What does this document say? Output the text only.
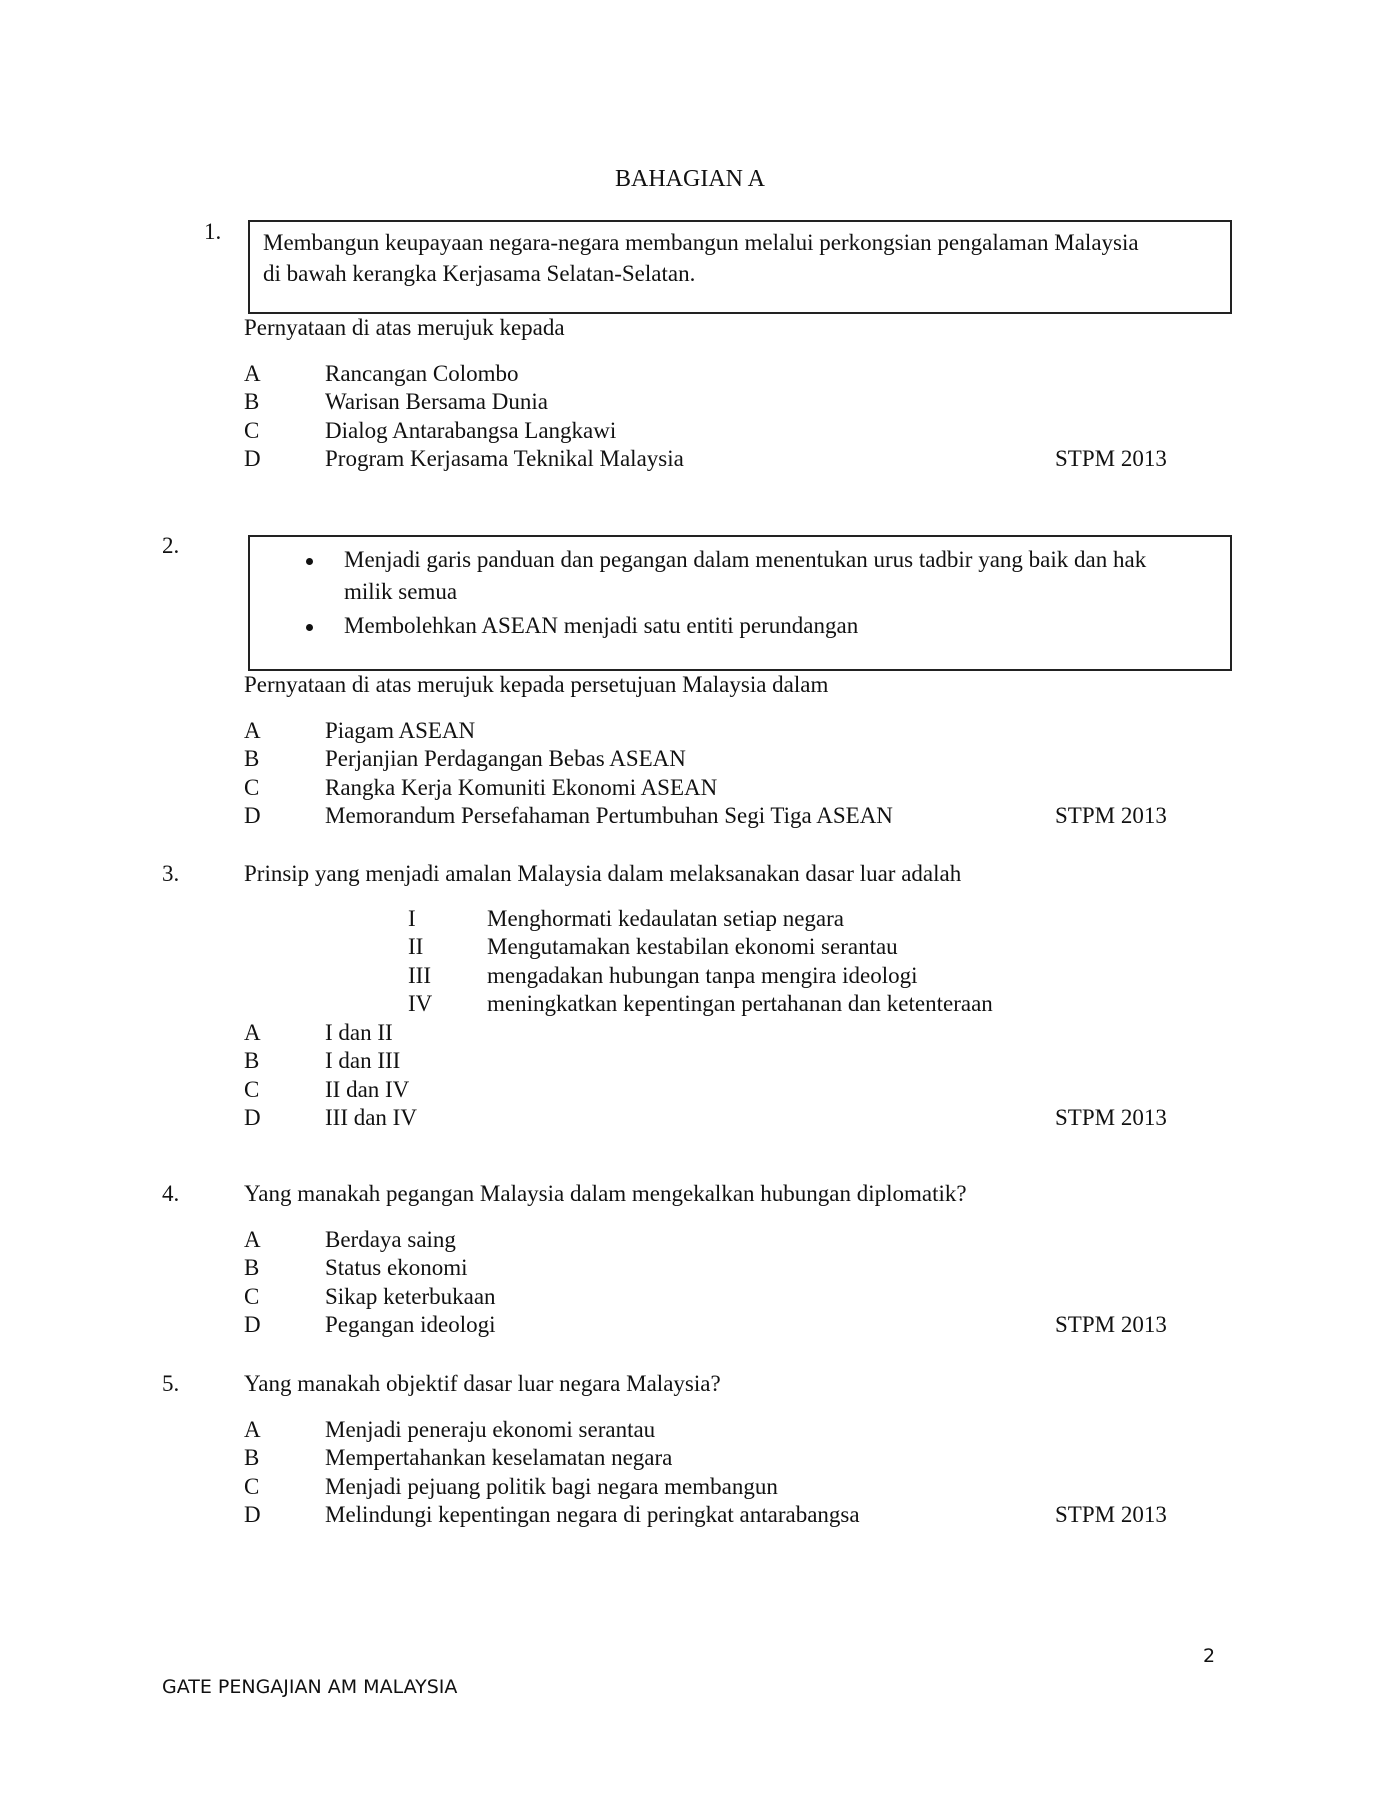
BAHAGIAN A
1. Membangun keupayaan negara-negara membangun melalui perkongsian pengalaman Malaysia
di bawah kerangka Kerjasama Selatan-Selatan.
Pernyataan di atas merujuk kepada
A	Rancangan Colombo
B	Warisan Bersama Dunia
C	Dialog Antarabangsa Langkawi
D	Program Kerjasama Teknikal Malaysia	STPM 2013
2.
Menjadi garis panduan dan pegangan dalam menentukan urus tadbir yang baik dan hak
milik semua
Membolehkan ASEAN menjadi satu entiti perundangan
Pernyataan di atas merujuk kepada persetujuan Malaysia dalam
A	Piagam ASEAN
B	Perjanjian Perdagangan Bebas ASEAN
C	Rangka Kerja Komuniti Ekonomi ASEAN
D	Memorandum Persefahaman Pertumbuhan Segi Tiga ASEAN	STPM 2013
3.	Prinsip yang menjadi amalan Malaysia dalam melaksanakan dasar luar adalah
I	Menghormati kedaulatan setiap negara
II	Mengutamakan kestabilan ekonomi serantau
III mengadakan hubungan tanpa mengira ideologi
IV meningkatkan kepentingan pertahanan dan ketenteraan
A	I dan II
B	I dan III
C	II dan IV
D	III dan IV	STPM 2013
4.	Yang manakah pegangan Malaysia dalam mengekalkan hubungan diplomatik?
A	Berdaya saing
B	Status ekonomi
C	Sikap keterbukaan
D	Pegangan ideologi	STPM 2013
5.	Yang manakah objektif dasar luar negara Malaysia?
A	Menjadi peneraju ekonomi serantau
B	Mempertahankan keselamatan negara
C	Menjadi pejuang politik bagi negara membangun
D	Melindungi kepentingan negara di peringkat antarabangsa	STPM 2013
2
GATE PENGAJIAN AM MALAYSIA
